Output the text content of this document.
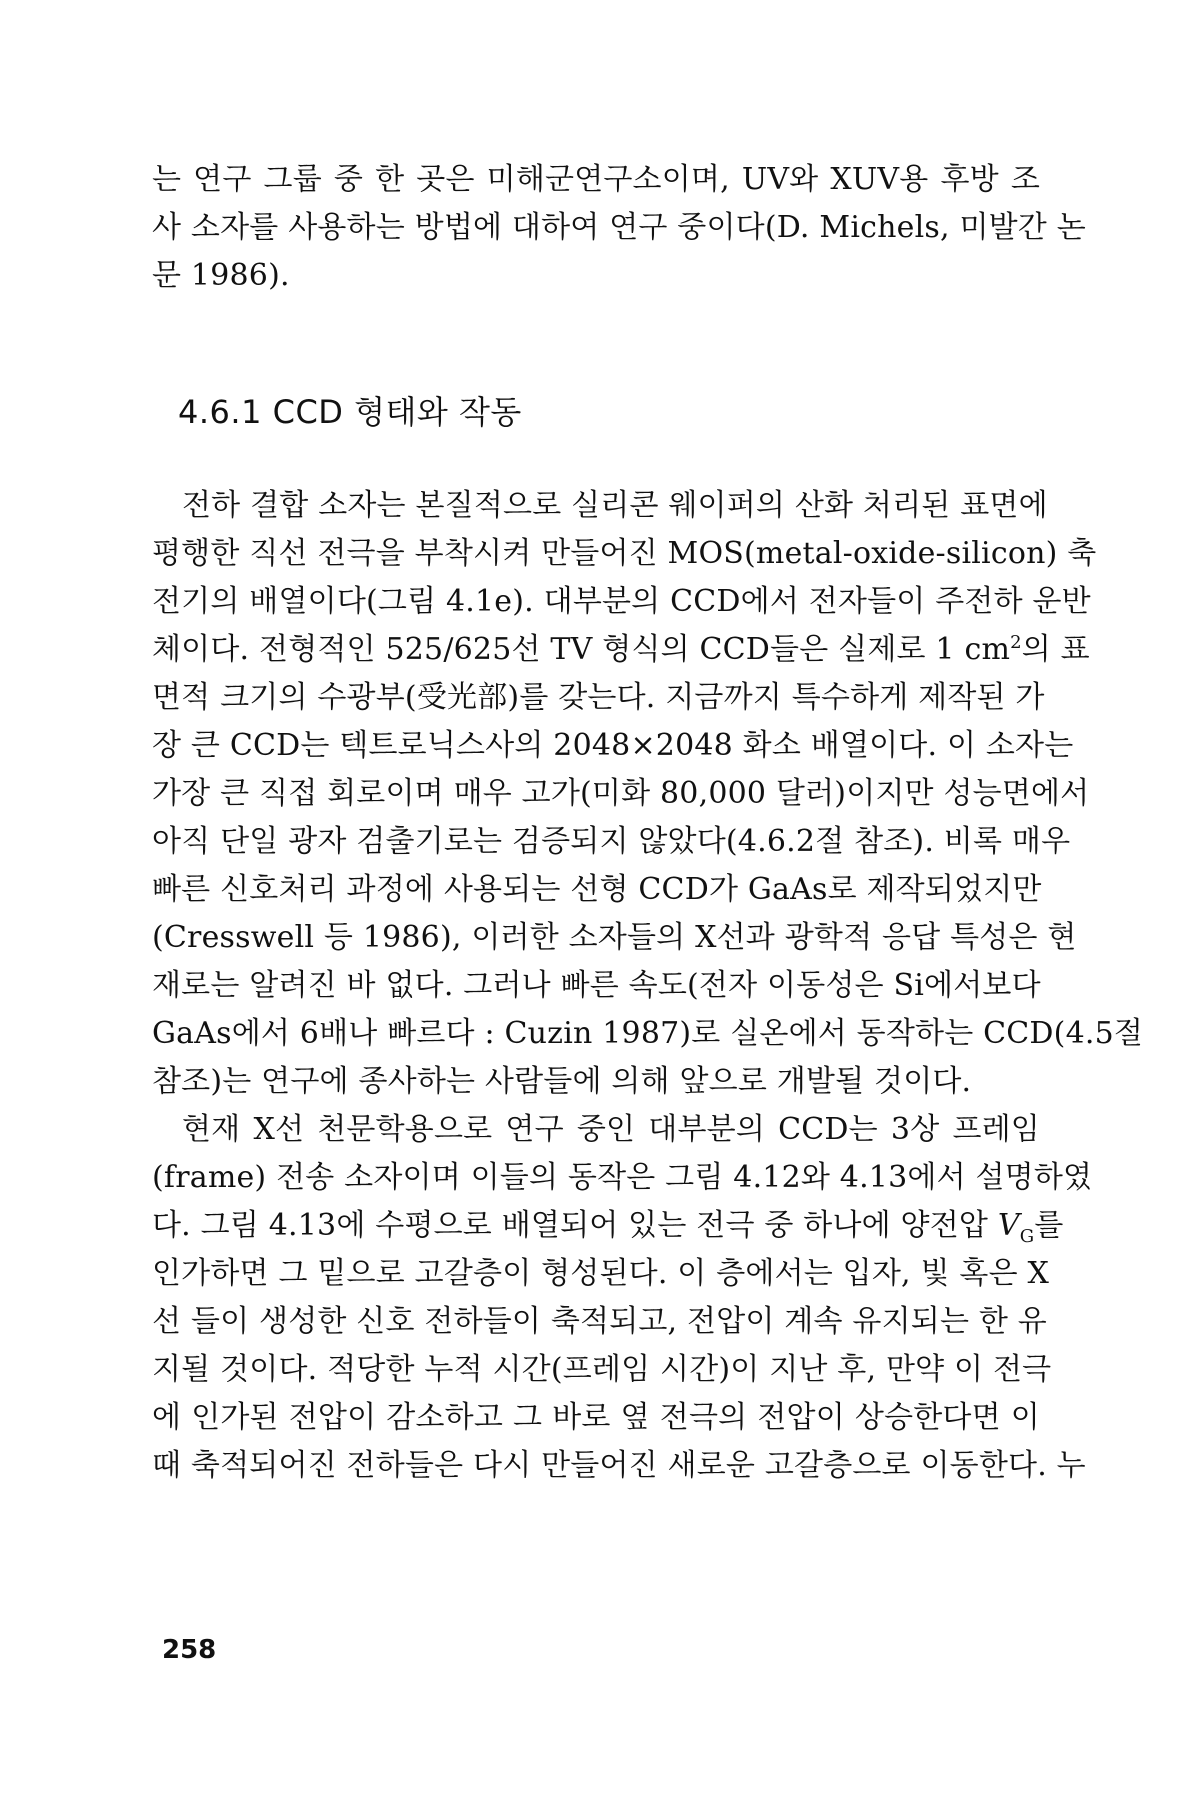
는 연구 그룹 중 한 곳은 미해군연구소이며, UV와 XUV용 후방 조
사 소자를 사용하는 방법에 대하여 연구 중이다(D. Michels, 미발간 논
문 1986).
4.6.1 CCD 형태와 작동
전하 결합 소자는 본질적으로 실리콘 웨이퍼의 산화 처리된 표면에
평행한 직선 전극을 부착시켜 만들어진 MOS(metal-oxide-silicon) 축
전기의 배열이다(그림 4.1e). 대부분의 CCD에서 전자들이 주전하 운반
체이다. 전형적인 525/625선 TV 형식의 CCD들은 실제로 1 $cm^2$의 표
면적 크기의 수광부(受光部)를 갖는다. 지금까지 특수하게 제작된 가
장 큰 CCD는 텍트로닉스사의 2048×2048 화소 배열이다. 이 소자는
가장 큰 직접 회로이며 매우 고가(미화 80,000 달러)이지만 성능면에서
아직 단일 광자 검출기로는 검증되지 않았다(4.6.2절 참조). 비록 매우
빠른 신호처리 과정에 사용되는 선형 CCD가 GaAs로 제작되었지만
(Cresswell 등 1986), 이러한 소자들의 X선과 광학적 응답 특성은 현
재로는 알려진 바 없다. 그러나 빠른 속도(전자 이동성은 Si에서보다
GaAs에서 6배나 빠르다 : Cuzin 1987)로 실온에서 동작하는 CCD(4.5절
참조)는 연구에 종사하는 사람들에 의해 앞으로 개발될 것이다.
현재 X선 천문학용으로 연구 중인 대부분의 CCD는 3상 프레임
(frame) 전송 소자이며 이들의 동작은 그림 4.12와 4.13에서 설명하였
다. 그림 4.13에 수평으로 배열되어 있는 전극 중 하나에 양전압 $V_G$를
인가하면 그 밑으로 고갈층이 형성된다. 이 층에서는 입자, 빛 혹은 X
선 들이 생성한 신호 전하들이 축적되고, 전압이 계속 유지되는 한 유
지될 것이다. 적당한 누적 시간(프레임 시간)이 지난 후, 만약 이 전극
에 인가된 전압이 감소하고 그 바로 옆 전극의 전압이 상승한다면 이
때 축적되어진 전하들은 다시 만들어진 새로운 고갈층으로 이동한다. 누
258
